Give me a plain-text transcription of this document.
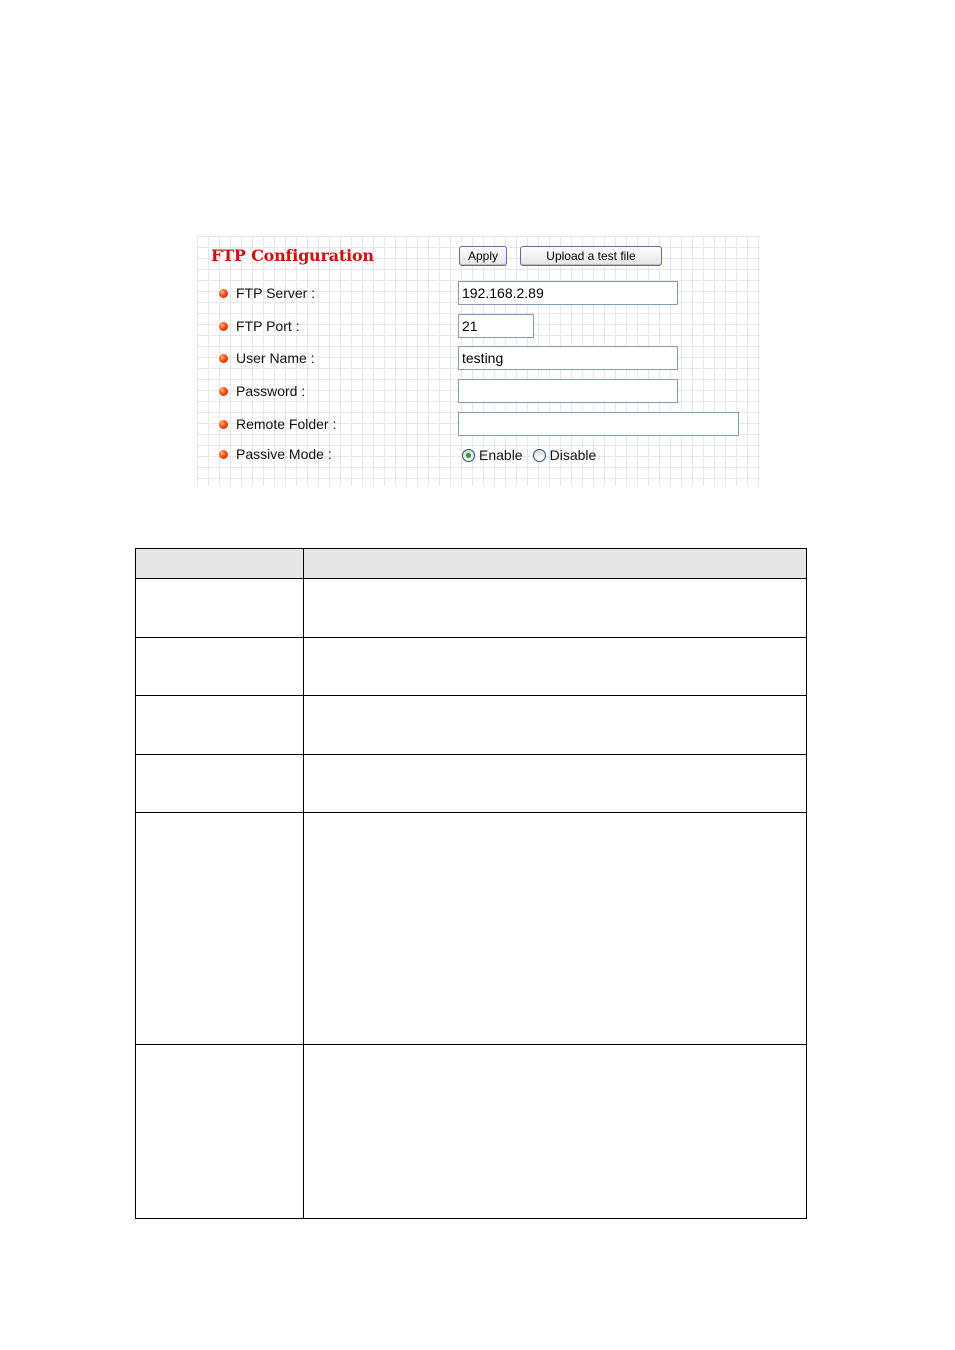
FTP Configuration	Apply	Upload a test file
FTP Server :
192.168.2.89
FTP Port :
21
User Name :
testing
Password :
Remote Folder :
Passive Mode :	Enable Disable
